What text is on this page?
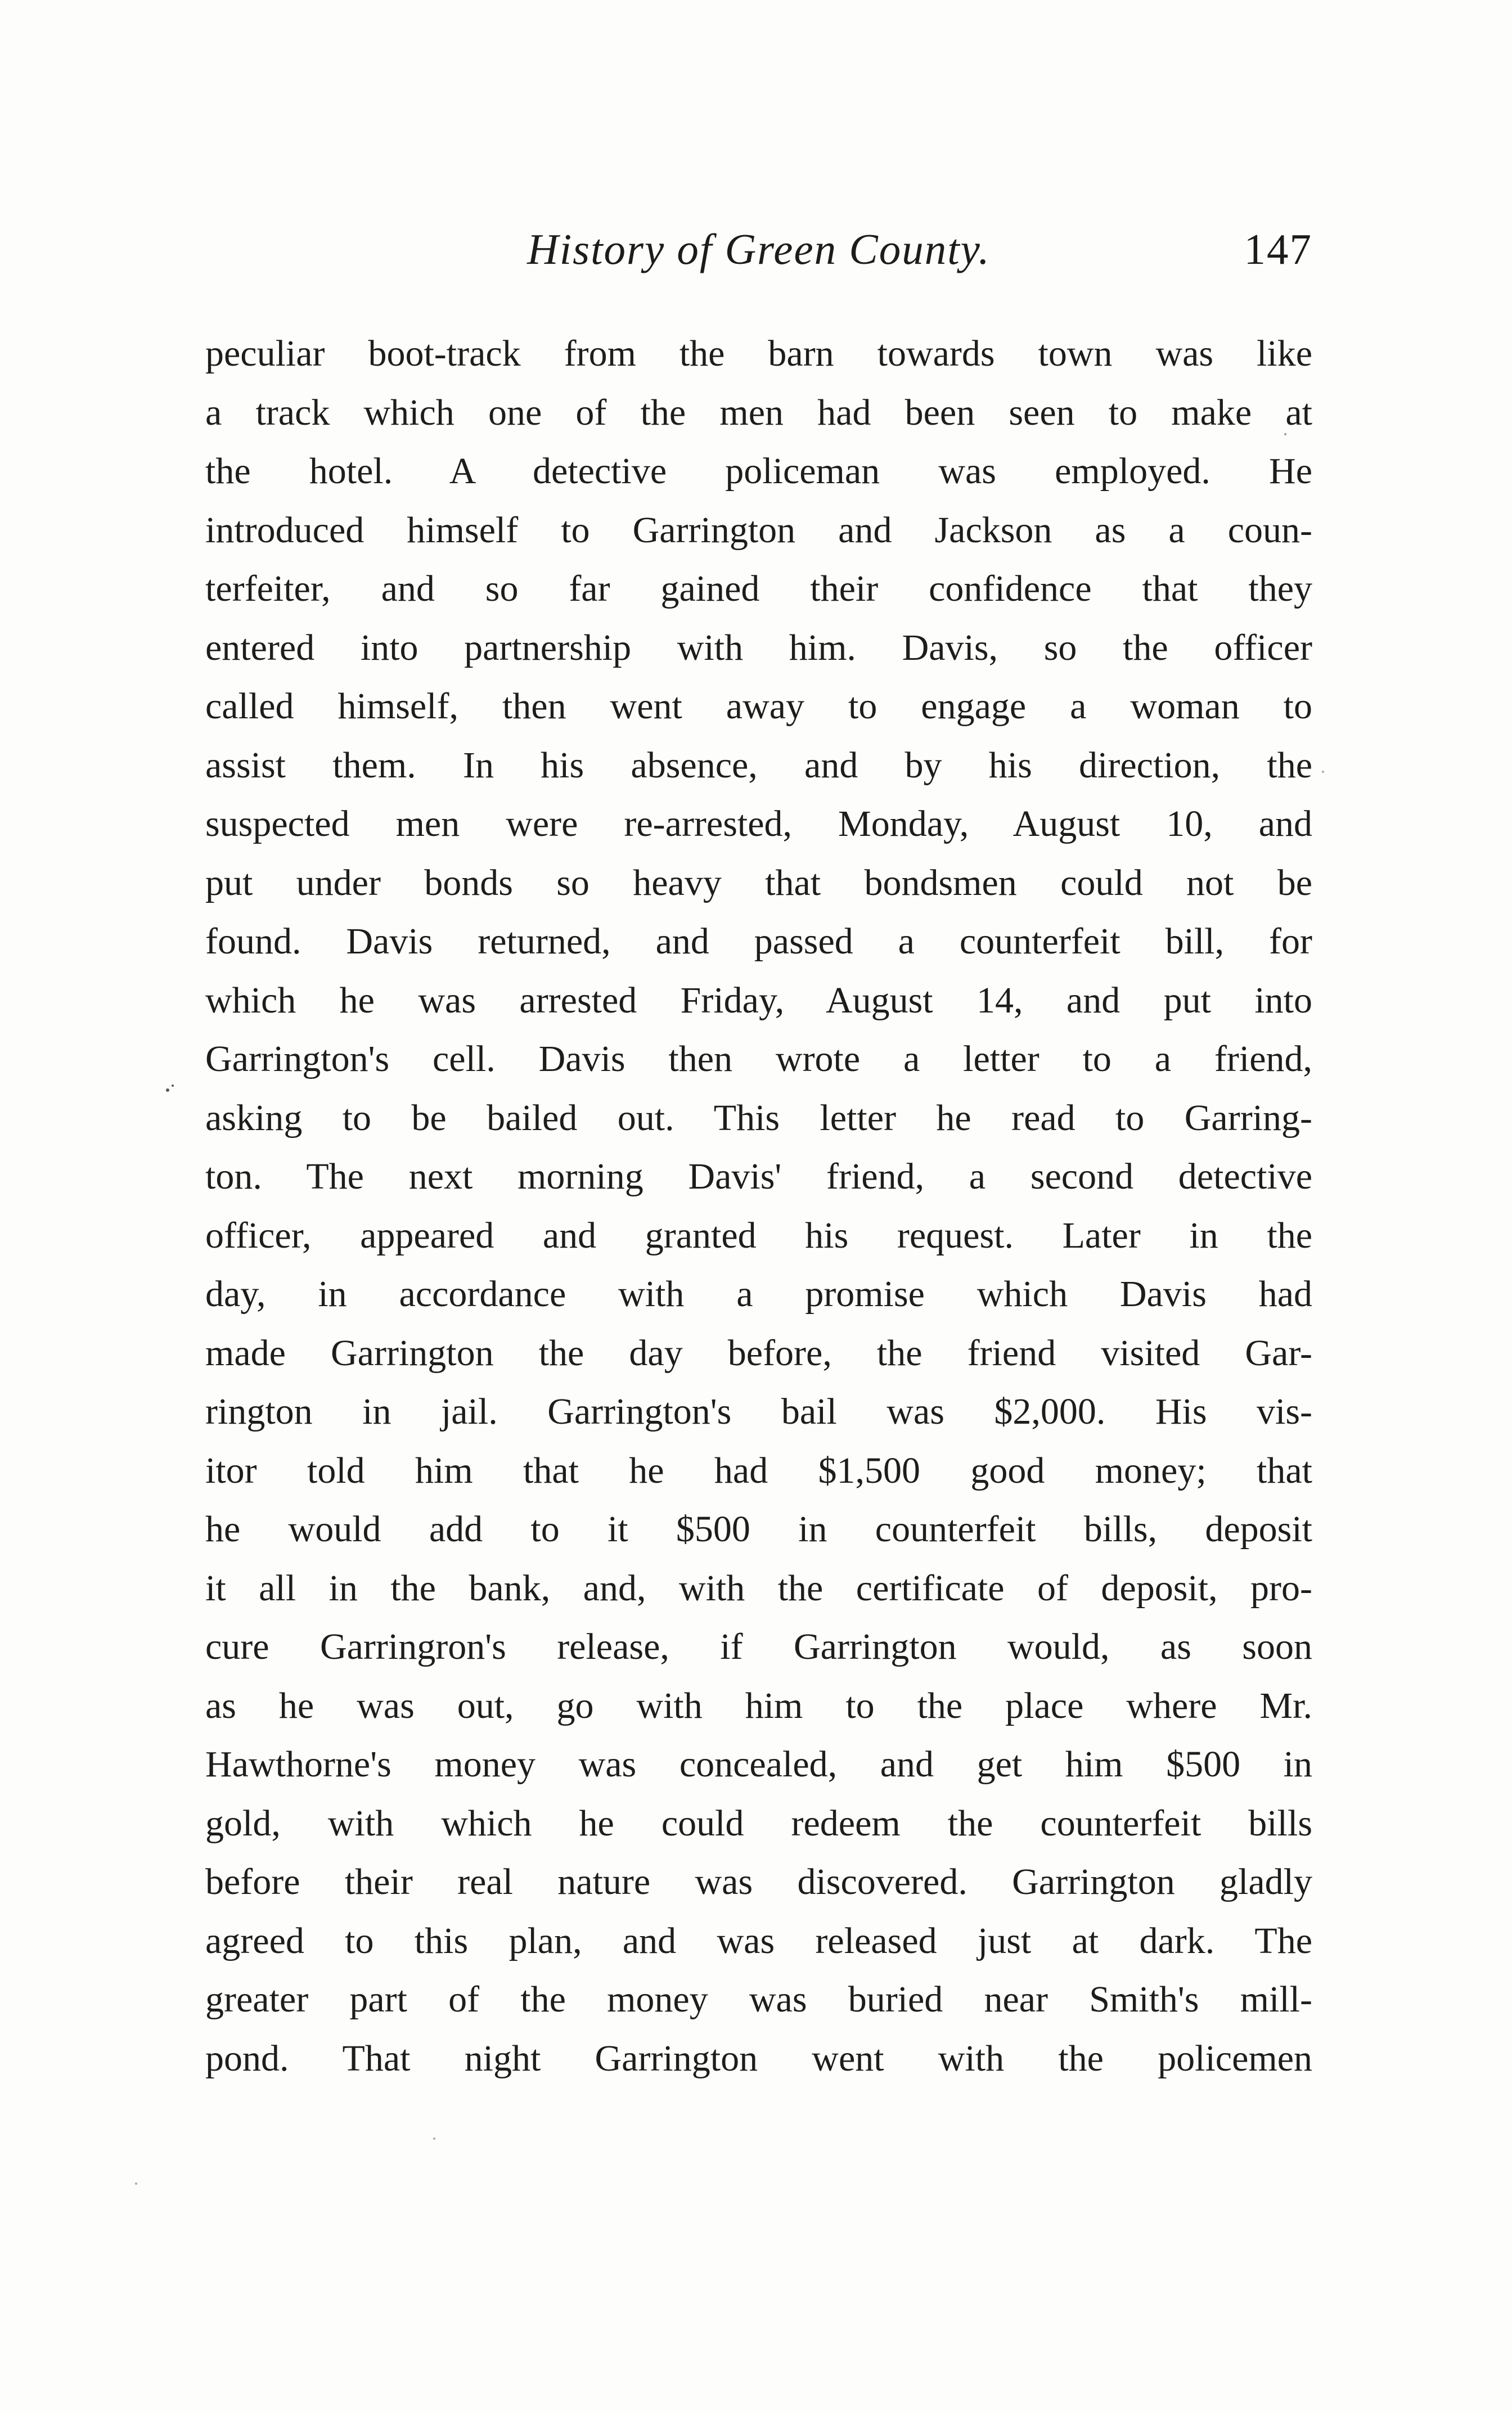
History of Green County.	147
peculiar boot-track from the barn towards town was like
a track which one of the men had been seen to make at
the hotel. A detective policeman was employed. He
introduced himself to Garrington and Jackson as a coun-
terfeiter, and so far gained their confidence that they
entered into partnership with him. Davis, so the officer
called himself, then went away to engage a woman to
assist them. In his absence, and by his direction, the
suspected men were re-arrested, Monday, August 10, and
put under bonds so heavy that bondsmen could not be
found. Davis returned, and passed a counterfeit bill, for
which he was arrested Friday, August 14, and put into
Garrington's cell. Davis then wrote a letter to a friend,
asking to be bailed out. This letter he read to Garring-
ton. The next morning Davis' friend, a second detective
officer, appeared and granted his request. Later in the
day, in accordance with a promise which Davis had
made Garrington the day before, the friend visited Gar-
rington in jail. Garrington's bail was $2,000. His vis-
itor told him that he had $1,500 good money; that
he would add to it $500 in counterfeit bills, deposit
it all in the bank, and, with the certificate of deposit, pro-
cure Garringron's release, if Garrington would, as soon
as he was out, go with him to the place where Mr.
Hawthorne's money was concealed, and get him $500 in
gold, with which he could redeem the counterfeit bills
before their real nature was discovered. Garrington gladly
agreed to this plan, and was released just at dark. The
greater part of the money was buried near Smith's mill-
pond. That night Garrington went with the policemen
